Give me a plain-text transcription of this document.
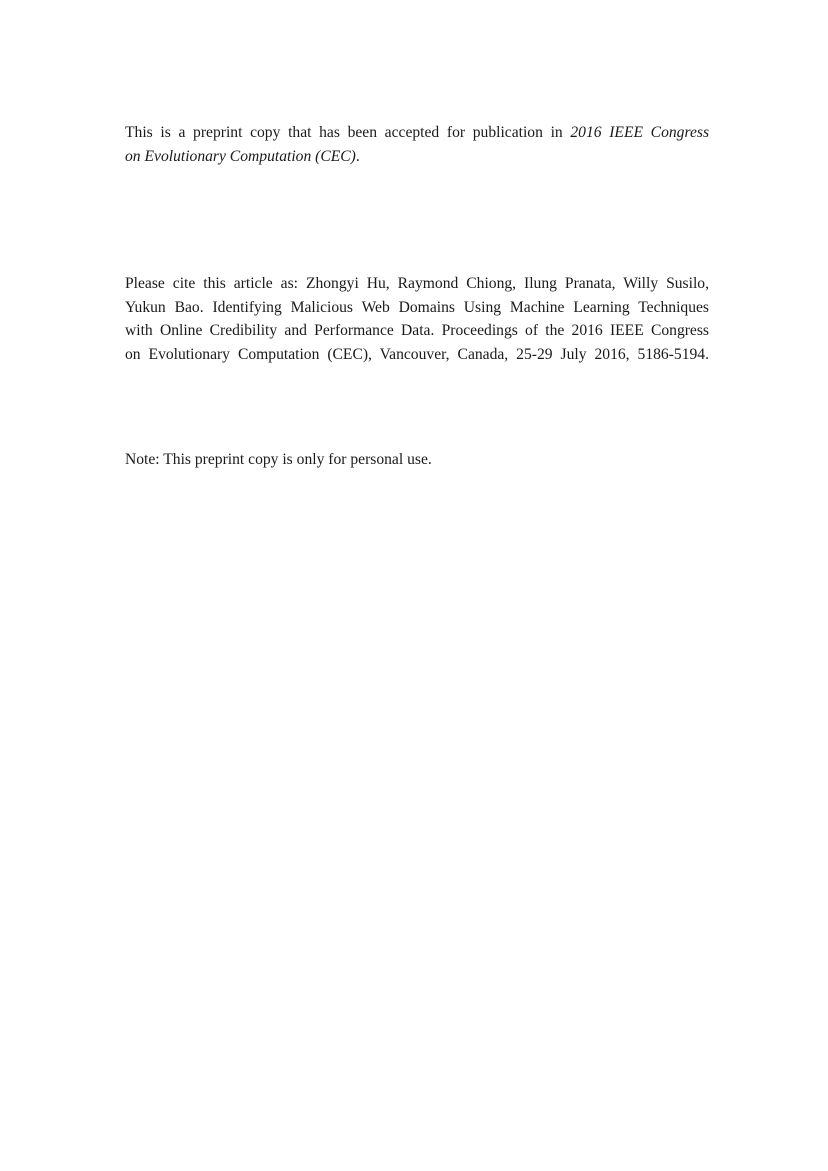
This is a preprint copy that has been accepted for publication in 2016 IEEE Congress
on Evolutionary Computation (CEC).

Please cite this article as: Zhongyi Hu, Raymond Chiong, Ilung Pranata, Willy Susilo,
Yukun Bao. Identifying Malicious Web Domains Using Machine Learning Techniques
with Online Credibility and Performance Data. Proceedings of the 2016 IEEE Congress
on Evolutionary Computation (CEC), Vancouver, Canada, 25-29 July 2016, 5186-5194.

Note: This preprint copy is only for personal use.
